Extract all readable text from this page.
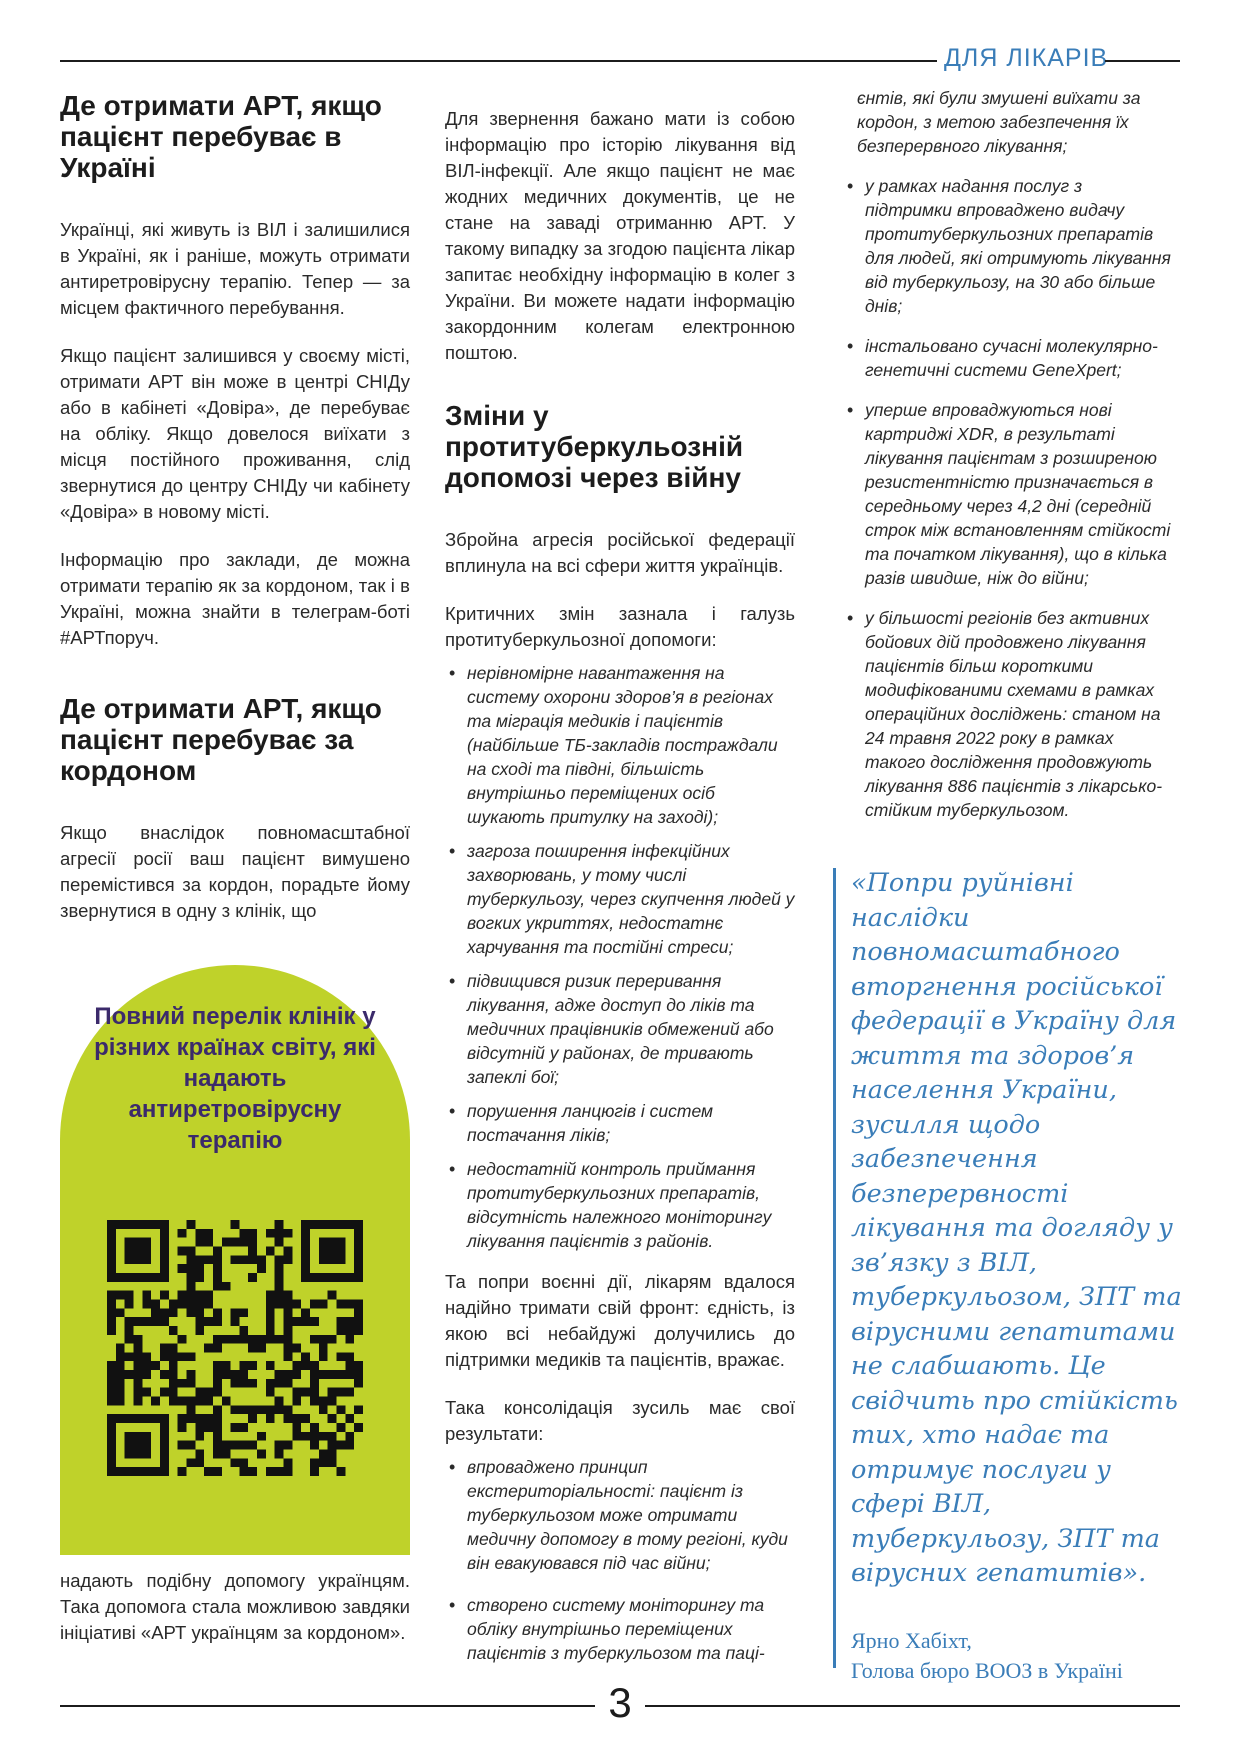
ДЛЯ ЛІКАРІВ
Де отримати АРТ, якщо пацієнт перебуває в Україні

Українці, які живуть із ВІЛ і залишилися в Україні, як і раніше, можуть отримати антиретровірусну терапію. Тепер — за місцем фактичного перебування.

Якщо пацієнт залишився у своєму місті, отримати АРТ він може в центрі СНІДу або в кабінеті «Довіра», де перебуває на обліку. Якщо довелося виїхати з місця постійного проживання, слід звернутися до центру СНІДу чи кабінету «Довіра» в новому місті.

Інформацію про заклади, де можна отримати терапію як за кордоном, так і в Україні, можна знайти в телеграм-боті #АРТпоруч.

Де отримати АРТ, якщо пацієнт перебуває за кордоном

Якщо внаслідок повномасштабної агресії росії ваш пацієнт вимушено перемістився за кордон, порадьте йому звернутися в одну з клінік, що

Повний перелік клінік у різних країнах світу, які надають антиретровірусну терапію

надають подібну допомогу українцям. Така допомога стала можливою завдяки ініціативі «АРТ українцям за кордоном».

Для звернення бажано мати із собою інформацію про історію лікування від ВІЛ-інфекції. Але якщо пацієнт не має жодних медичних документів, це не стане на заваді отриманню АРТ. У такому випадку за згодою пацієнта лікар запитає необхідну інформацію в колег з України. Ви можете надати інформацію закордонним колегам електронною поштою.

Зміни у протитуберкульозній допомозі через війну

Збройна агресія російської федерації вплинула на всі сфери життя українців.

Критичних змін зазнала і галузь протитуберкульозної допомоги:

• нерівномірне навантаження на систему охорони здоров’я в регіонах та міграція медиків і пацієнтів (найбільше ТБ-закладів постраждали на сході та півдні, більшість внутрішньо переміщених осіб шукають притулку на заході);
• загроза поширення інфекційних захворювань, у тому числі туберкульозу, через скупчення людей у вогких укриттях, недостатнє харчування та постійні стреси;
• підвищився ризик переривання лікування, адже доступ до ліків та медичних працівників обмежений або відсутній у районах, де тривають запеклі бої;
• порушення ланцюгів і систем постачання ліків;
• недостатній контроль приймання протитуберкульозних препаратів, відсутність належного моніторингу лікування пацієнтів з районів.

Та попри воєнні дії, лікарям вдалося надійно тримати свій фронт: єдність, із якою всі небайдужі долучились до підтримки медиків та пацієнтів, вражає.

Така консолідація зусиль має свої результати:

• впроваджено принцип екстериторіальності: пацієнт із туберкульозом може отримати медичну допомогу в тому регіоні, куди він евакуювався під час війни;
• створено систему моніторингу та обліку внутрішньо переміщених пацієнтів з туберкульозом та паці-
єнтів, які були змушені виїхати за кордон, з метою забезпечення їх безперервного лікування;
• у рамках надання послуг з підтримки впроваджено видачу протитуберкульозних препаратів для людей, які отримують лікування від туберкульозу, на 30 або більше днів;
• інстальовано сучасні молекулярно-генетичні системи GeneXpert;
• уперше впроваджуються нові картриджі XDR, в результаті лікування пацієнтам з розширеною резистентністю призначається в середньому через 4,2 дні (середній строк між встановленням стійкості та початком лікування), що в кілька разів швидше, ніж до війни;
• у більшості регіонів без активних бойових дій продовжено лікування пацієнтів більш короткими модифікованими схемами в рамках операційних досліджень: станом на 24 травня 2022 року в рамках такого дослідження продовжують лікування 886 пацієнтів з лікарсько-стійким туберкульозом.
«Попри руйнівні наслідки повномасштабного вторгнення російської федерації в Україну для життя та здоров’я населення України, зусилля щодо забезпечення безперервності лікування та догляду у зв’язку з ВІЛ, туберкульозом, ЗПТ та вірусними гепатитами не слабшають. Це свідчить про стійкість тих, хто надає та отримує послуги у сфері ВІЛ, туберкульозу, ЗПТ та вірусних гепатитів».
Ярно Хабіхт,
Голова бюро ВООЗ в Україні
3
